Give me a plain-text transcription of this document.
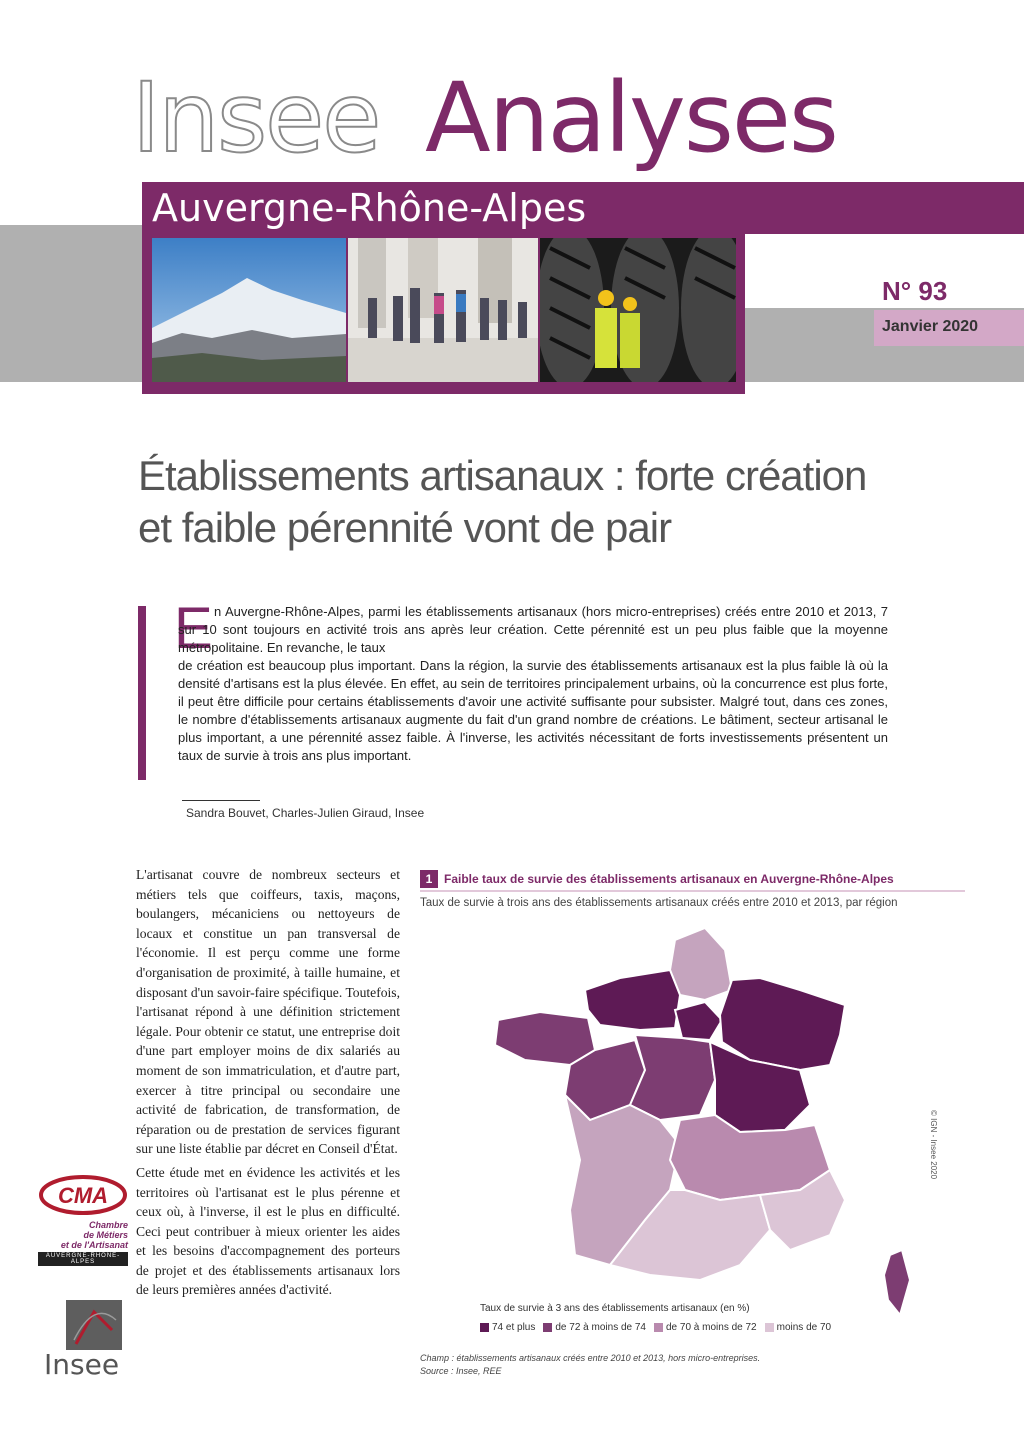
Insee Analyses
Auvergne-Rhône-Alpes
N° 93
Janvier 2020
Établissements artisanaux : forte création et faible pérennité vont de pair
E n Auvergne-Rhône-Alpes, parmi les établissements artisanaux (hors micro-entreprises) créés entre 2010 et 2013, 7 sur 10 sont toujours en activité trois ans après leur création. Cette pérennité est un peu plus faible que la moyenne métropolitaine. En revanche, le taux
de création est beaucoup plus important. Dans la région, la survie des établissements artisanaux est la plus faible là où la densité d'artisans est la plus élevée. En effet, au sein de territoires principalement urbains, où la concurrence est plus forte, il peut être difficile pour certains établissements d'avoir une activité suffisante pour subsister. Malgré tout, dans ces zones, le nombre d'établissements artisanaux augmente du fait d'un grand nombre de créations. Le bâtiment, secteur artisanal le plus important, a une pérennité assez faible. À l'inverse, les activités nécessitant de forts investissements présentent un taux de survie à trois ans plus important.
Sandra Bouvet, Charles-Julien Giraud, Insee

L'artisanat couvre de nombreux secteurs et métiers tels que coiffeurs, taxis, maçons, boulangers, mécaniciens ou nettoyeurs de locaux et constitue un pan transversal de l'économie. Il est perçu comme une forme d'organisation de proximité, à taille humaine, et disposant d'un savoir-faire spécifique. Toutefois, l'artisanat répond à une définition strictement légale. Pour obtenir ce statut, une entreprise doit d'une part employer moins de dix salariés au moment de son immatriculation, et d'autre part, exercer à titre principal ou secondaire une activité de fabrication, de transformation, de réparation ou de prestation de services figurant sur une liste établie par décret en Conseil d'État.

Cette étude met en évidence les activités et les territoires où l'artisanat est le plus pérenne et ceux où, à l'inverse, il est le plus en difficulté. Ceci peut contribuer à mieux orienter les aides et les besoins d'accompagnement des porteurs de projet et des établissements artisanaux lors de leurs premières années d'activité.

CMA
Chambre
de Métiers
et de l'Artisanat
AUVERGNE-RHÔNE-ALPES
Insee
1 Faible taux de survie des établissements artisanaux en Auvergne-Rhône-Alpes
Taux de survie à trois ans des établissements artisanaux créés entre 2010 et 2013, par région
© IGN - Insee 2020
Taux de survie à 3 ans des établissements artisanaux (en %)
74 et plus de 72 à moins de 74 de 70 à moins de 72 moins de 70
Champ : établissements artisanaux créés entre 2010 et 2013, hors micro-entreprises.
Source : Insee, REE
